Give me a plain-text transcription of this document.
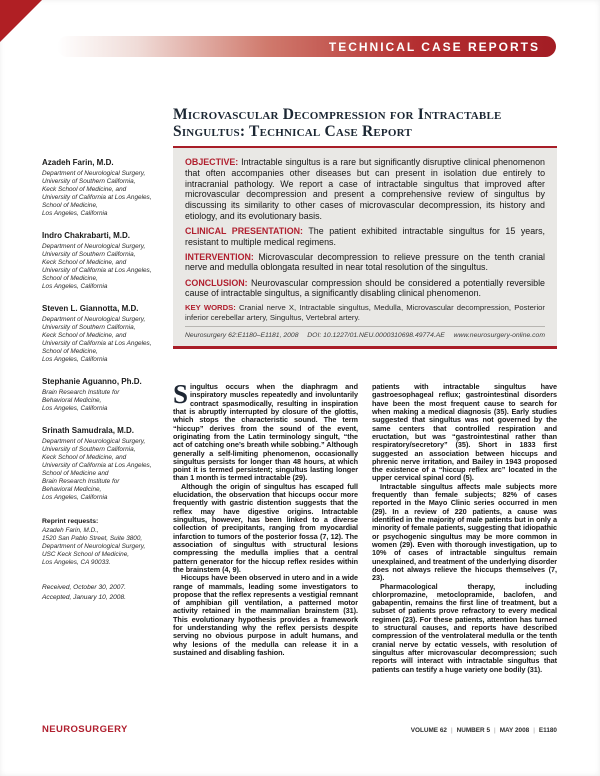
TECHNICAL CASE REPORTS
Azadeh Farin, M.D.
Department of Neurological Surgery,
University of Southern California,
Keck School of Medicine, and
University of California at Los Angeles,
School of Medicine,
Los Angeles, California
Indro Chakrabarti, M.D.
Department of Neurological Surgery,
University of Southern California,
Keck School of Medicine, and
University of California at Los Angeles,
School of Medicine,
Los Angeles, California
Steven L. Giannotta, M.D.
Department of Neurological Surgery,
University of Southern California,
Keck School of Medicine, and
University of California at Los Angeles,
School of Medicine,
Los Angeles, California
Stephanie Aguanno, Ph.D.
Brain Research Institute for
Behavioral Medicine,
Los Angeles, California
Srinath Samudrala, M.D.
Department of Neurological Surgery,
University of Southern California,
Keck School of Medicine, and
University of California at Los Angeles,
School of Medicine and
Brain Research Institute for
Behavioral Medicine,
Los Angeles, California
Reprint requests:
Azadeh Farin, M.D.,
1520 San Pablo Street, Suite 3800,
Department of Neurological Surgery,
USC Keck School of Medicine,
Los Angeles, CA 90033.
Received, October 30, 2007.
Accepted, January 10, 2008.
Microvascular Decompression for Intractable Singultus: Technical Case Report

OBJECTIVE: Intractable singultus is a rare but significantly disruptive clinical phenomenon that often accompanies other diseases but can present in isolation due entirely to intracranial pathology. We report a case of intractable singultus that improved after microvascular decompression and present a comprehensive review of singultus by discussing its similarity to other cases of microvascular decompression, its history and etiology, and its evolutionary basis.

CLINICAL PRESENTATION: The patient exhibited intractable singultus for 15 years, resistant to multiple medical regimens.

INTERVENTION: Microvascular decompression to relieve pressure on the tenth cranial nerve and medulla oblongata resulted in near total resolution of the singultus.

CONCLUSION: Neurovascular compression should be considered a potentially reversible cause of intractable singultus, a significantly disabling clinical phenomenon.

KEY WORDS: Cranial nerve X, Intractable singultus, Medulla, Microvascular decompression, Posterior inferior cerebellar artery, Singultus, Vertebral artery.

Neurosurgery 62:E1180–E1181, 2008 DOI: 10.1227/01.NEU.0000310698.49774.AE www.neurosurgery-online.com

Singultus occurs when the diaphragm and inspiratory muscles repeatedly and involuntarily contract spasmodically, resulting in inspiration that is abruptly interrupted by closure of the glottis, which stops the characteristic sound. The term “hiccup” derives from the sound of the event, originating from the Latin terminology singult, “the act of catching one’s breath while sobbing.” Although generally a self-limiting phenomenon, occasionally singultus persists for longer than 48 hours, at which point it is termed persistent; singultus lasting longer than 1 month is termed intractable (29).

Although the origin of singultus has escaped full elucidation, the observation that hiccups occur more frequently with gastric distention suggests that the reflex may have digestive origins. Intractable singultus, however, has been linked to a diverse collection of precipitants, ranging from myocardial infarction to tumors of the posterior fossa (7, 12). The association of singultus with structural lesions compressing the medulla implies that a central pattern generator for the hiccup reflex resides within the brainstem (4, 9).

Hiccups have been observed in utero and in a wide range of mammals, leading some investigators to propose that the reflex represents a vestigial remnant of amphibian gill ventilation, a patterned motor activity retained in the mammalian brainstem (31). This evolutionary hypothesis provides a framework for understanding why the reflex persists despite serving no obvious purpose in adult humans, and why lesions of the medulla can release it in a sustained and disabling fashion.

patients with intractable singultus have gastroesophageal reflux; gastrointestinal disorders have been the most frequent cause to search for when making a medical diagnosis (35). Early studies suggested that singultus was not governed by the same centers that controlled respiration and eructation, but was “gastrointestinal rather than respiratory/secretory” (35). Short in 1833 first suggested an association between hiccups and phrenic nerve irritation, and Bailey in 1943 proposed the existence of a “hiccup reflex arc” located in the upper cervical spinal cord (5).

Intractable singultus affects male subjects more frequently than female subjects; 82% of cases reported in the Mayo Clinic series occurred in men (29). In a review of 220 patients, a cause was identified in the majority of male patients but in only a minority of female patients, suggesting that idiopathic or psychogenic singultus may be more common in women (29). Even with thorough investigation, up to 10% of cases of intractable singultus remain unexplained, and treatment of the underlying disorder does not always relieve the hiccups themselves (7, 23).

Pharmacological therapy, including chlorpromazine, metoclopramide, baclofen, and gabapentin, remains the first line of treatment, but a subset of patients prove refractory to every medical regimen (23). For these patients, attention has turned to structural causes, and reports have described compression of the ventrolateral medulla or the tenth cranial nerve by ectatic vessels, with resolution of singultus after microvascular decompression; such reports will interact with intractable singultus that patients can testify a huge variety one bodily (31).

NEUROSURGERY	VOLUME 62 | NUMBER 5 | MAY 2008 | E1180
